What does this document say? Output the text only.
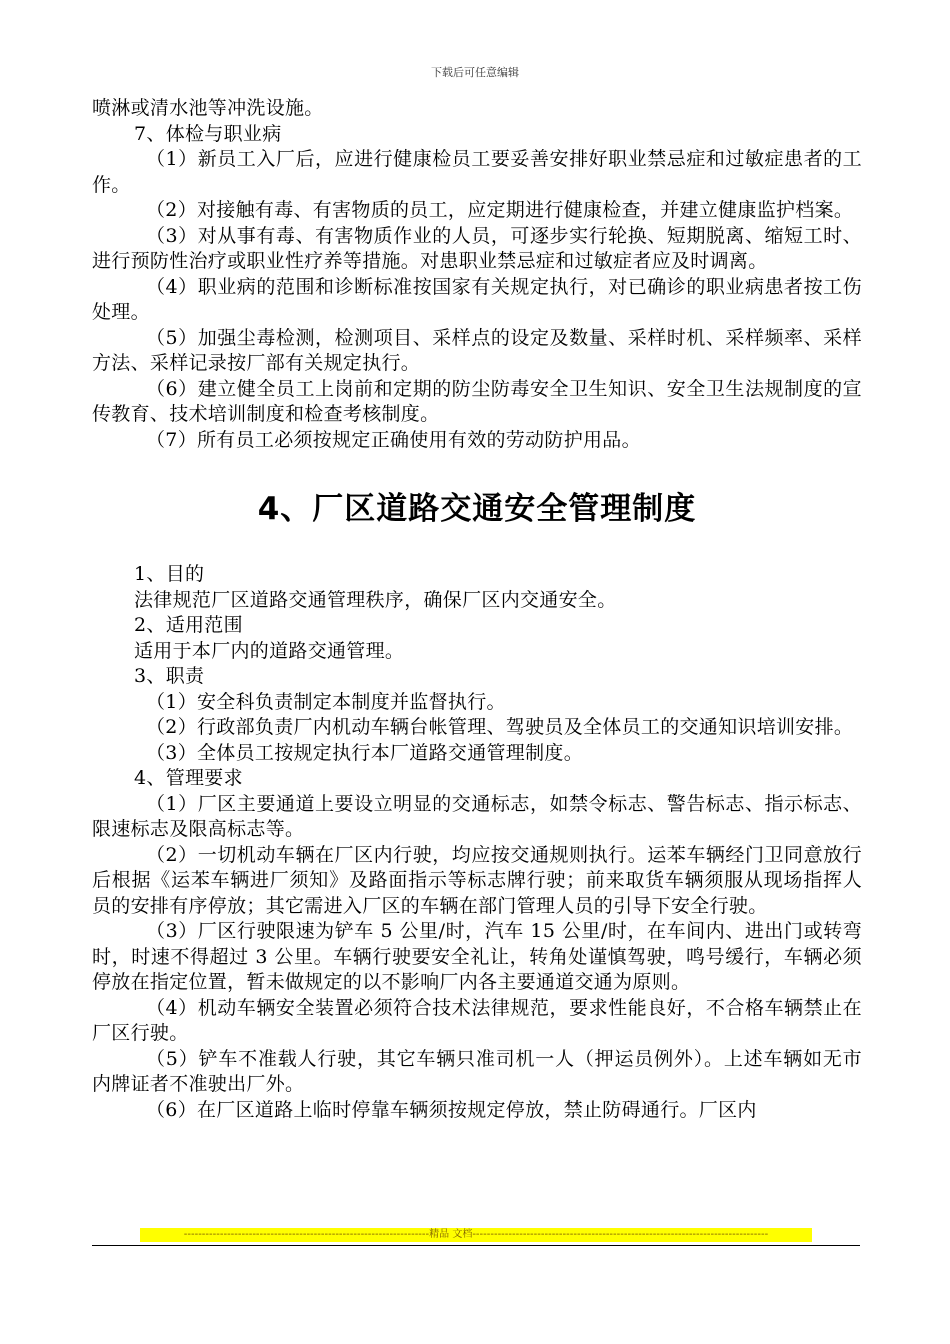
下载后可任意编辑

喷淋或清水池等冲洗设施。

7、体检与职业病

（1）新员工入厂后，应进行健康检员工要妥善安排好职业禁忌症和过敏症患者的工作。

（2）对接触有毒、有害物质的员工，应定期进行健康检查，并建立健康监护档案。

（3）对从事有毒、有害物质作业的人员，可逐步实行轮换、短期脱离、缩短工时、进行预防性治疗或职业性疗养等措施。对患职业禁忌症和过敏症者应及时调离。

（4）职业病的范围和诊断标准按国家有关规定执行，对已确诊的职业病患者按工伤处理。

（5）加强尘毒检测，检测项目、采样点的设定及数量、采样时机、采样频率、采样方法、采样记录按厂部有关规定执行。

（6）建立健全员工上岗前和定期的防尘防毒安全卫生知识、安全卫生法规制度的宣传教育、技术培训制度和检查考核制度。

（7）所有员工必须按规定正确使用有效的劳动防护用品。

4、厂区道路交通安全管理制度

1、目的

法律规范厂区道路交通管理秩序，确保厂区内交通安全。

2、适用范围

适用于本厂内的道路交通管理。

3、职责

（1）安全科负责制定本制度并监督执行。

（2）行政部负责厂内机动车辆台帐管理、驾驶员及全体员工的交通知识培训安排。

（3）全体员工按规定执行本厂道路交通管理制度。

4、管理要求

（1）厂区主要通道上要设立明显的交通标志，如禁令标志、警告标志、指示标志、限速标志及限高标志等。

（2）一切机动车辆在厂区内行驶，均应按交通规则执行。运苯车辆经门卫同意放行后根据《运苯车辆进厂须知》及路面指示等标志牌行驶；前来取货车辆须服从现场指挥人员的安排有序停放；其它需进入厂区的车辆在部门管理人员的引导下安全行驶。

（3）厂区行驶限速为铲车 5 公里/时，汽车 15 公里/时，在车间内、进出门或转弯时，时速不得超过 3 公里。车辆行驶要安全礼让，转角处谨慎驾驶，鸣号缓行，车辆必须停放在指定位置，暂未做规定的以不影响厂内各主要通道交通为原则。

（4）机动车辆安全装置必须符合技术法律规范，要求性能良好，不合格车辆禁止在厂区行驶。

（5）铲车不准载人行驶，其它车辆只准司机一人（押运员例外）。上述车辆如无市内牌证者不准驶出厂外。

（6）在厂区道路上临时停靠车辆须按规定停放，禁止防碍通行。厂区内

--------------------------------------------------------------------精品 文档----------------------------------------------------------------------------------
